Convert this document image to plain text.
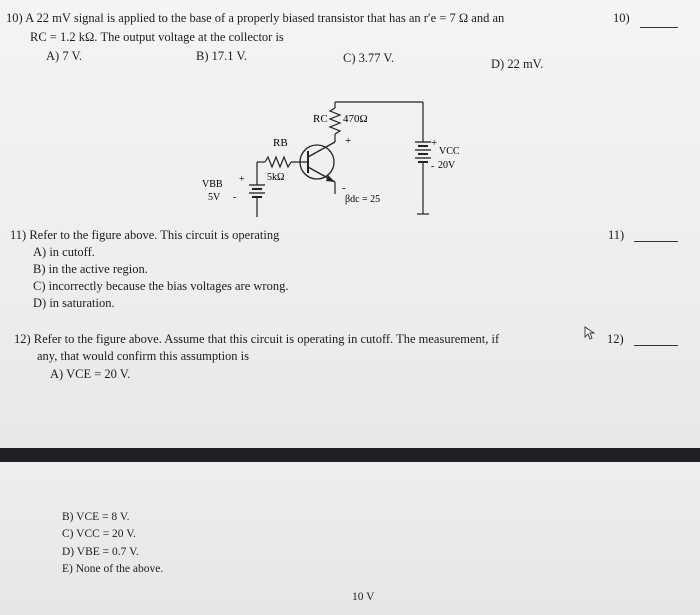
10) A 22 mV signal is applied to the base of a properly biased transistor that has an r′e = 7 Ω and an
RC = 1.2 kΩ. The output voltage at the collector is
10)
A) 7 V.	B) 17.1 V.	C) 3.77 V.	D) 22 mV.
RC 470Ω
+
-
βdc = 25
RB
5kΩ
+
VBB
5V -
+
VCC
- 20V
11) Refer to the figure above. This circuit is operating	11)
A) in cutoff.
B) in the active region.
C) incorrectly because the bias voltages are wrong.
D) in saturation.
12) Refer to the figure above. Assume that this circuit is operating in cutoff. The measurement, if
any, that would confirm this assumption is
12)
A) VCE = 20 V.
B) VCE = 8 V.
C) VCC = 20 V.
D) VBE = 0.7 V.
E) None of the above.
10 V
